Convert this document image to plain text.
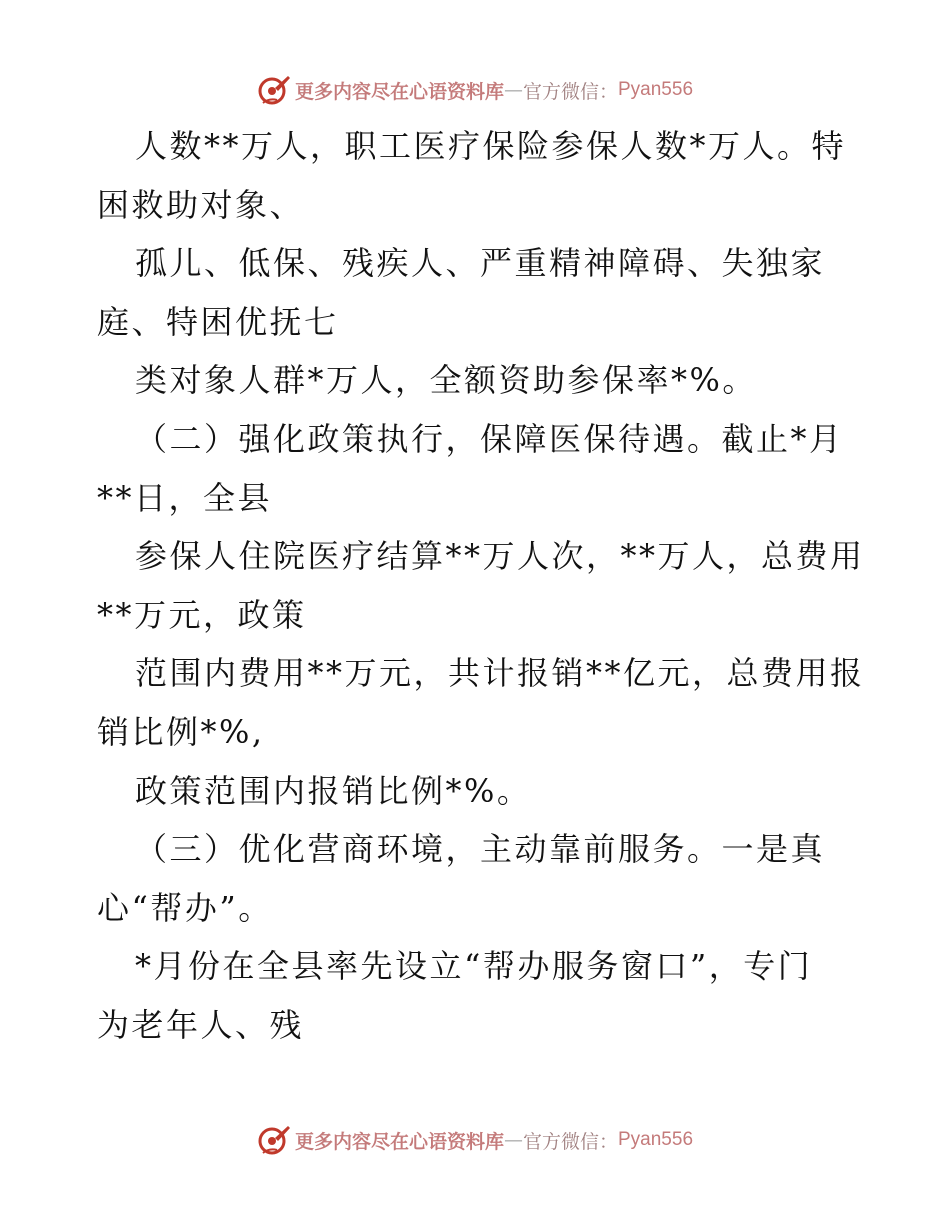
更多内容尽在心语资料库 — 官方微信： Pyan556
人数**万人，职工医疗保险参保人数*万人。特
困救助对象、
孤儿、低保、残疾人、严重精神障碍、失独家
庭、特困优抚七
类对象人群*万人，全额资助参保率*%。
（二）强化政策执行，保障医保待遇。截止*月
**日，全县
参保人住院医疗结算**万人次，**万人，总费用
**万元，政策
范围内费用**万元，共计报销**亿元，总费用报
销比例*%,
政策范围内报销比例*%。
（三）优化营商环境，主动靠前服务。一是真
心“帮办”。
*月份在全县率先设立“帮办服务窗口”，专门
为老年人、残
更多内容尽在心语资料库 — 官方微信： Pyan556
